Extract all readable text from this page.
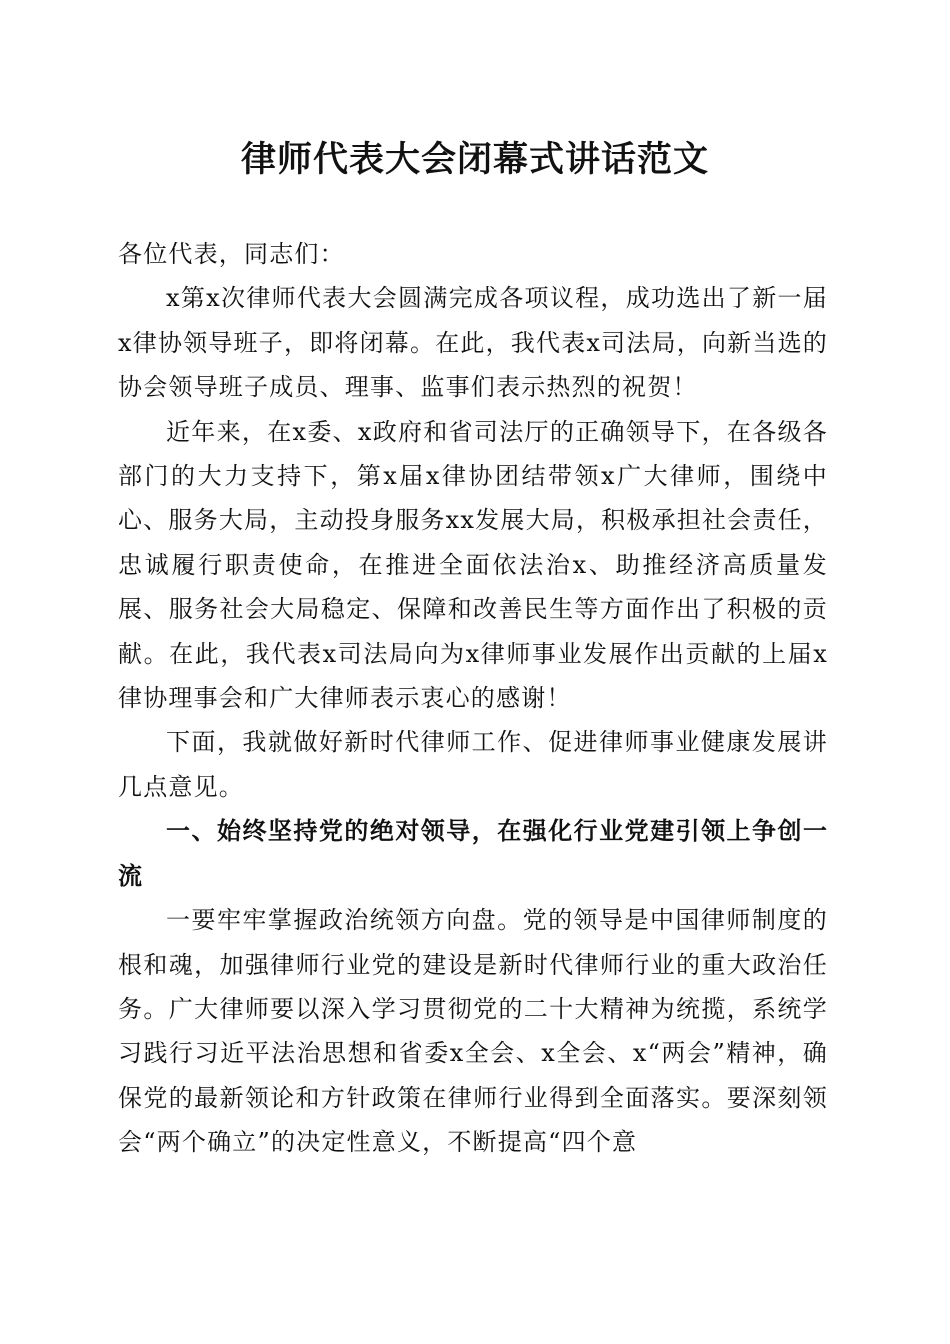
律师代表大会闭幕式讲话范文

各位代表，同志们：

x第x次律师代表大会圆满完成各项议程，成功选出了新一届x律协领导班子，即将闭幕。在此，我代表x司法局，向新当选的协会领导班子成员、理事、监事们表示热烈的祝贺！

近年来，在x委、x政府和省司法厅的正确领导下，在各级各部门的大力支持下，第x届x律协团结带领x广大律师，围绕中心、服务大局，主动投身服务xx发展大局，积极承担社会责任，忠诚履行职责使命，在推进全面依法治x、助推经济高质量发展、服务社会大局稳定、保障和改善民生等方面作出了积极的贡献。在此，我代表x司法局向为x律师事业发展作出贡献的上届x律协理事会和广大律师表示衷心的感谢！

下面，我就做好新时代律师工作、促进律师事业健康发展讲几点意见。

一、始终坚持党的绝对领导，在强化行业党建引领上争创一流

一要牢牢掌握政治统领方向盘。党的领导是中国律师制度的根和魂，加强律师行业党的建设是新时代律师行业的重大政治任务。广大律师要以深入学习贯彻党的二十大精神为统揽，系统学习践行习近平法治思想和省委x全会、x全会、x“两会”精神，确保党的最新领论和方针政策在律师行业得到全面落实。要深刻领会“两个确立”的决定性意义，不断提高“四个意
